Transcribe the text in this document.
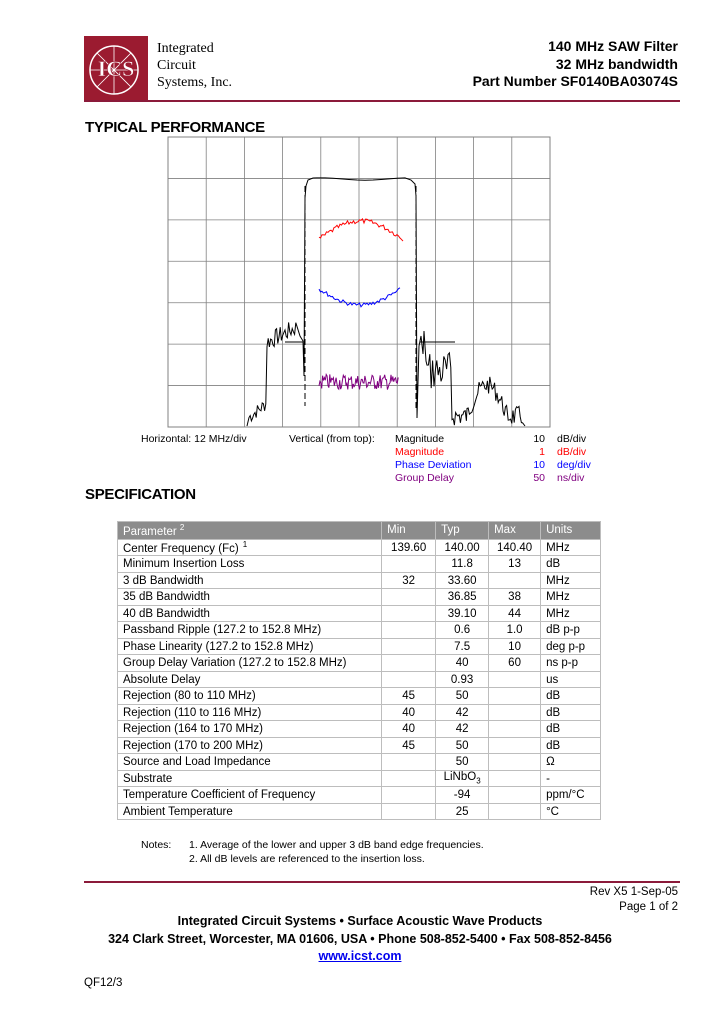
ICS
Integrated
Circuit
Systems, Inc.
140 MHz SAW Filter
32 MHz bandwidth
Part Number SF0140BA03074S
TYPICAL PERFORMANCE
Horizontal: 12 MHz/div	Vertical (from top): Magnitude	10 dB/div
Magnitude	1 dB/div
Phase Deviation	10 deg/div
Group Delay	50 ns/div
SPECIFICATION
Parameter $^2$	Min	Typ	Max	Units
Center Frequency (Fc) $^1$	139.60	140.00	140.40	MHz
Minimum Insertion Loss		11.8	13	dB
3 dB Bandwidth	32	33.60		MHz
35 dB Bandwidth		36.85	38	MHz
40 dB Bandwidth		39.10	44	MHz
Passband Ripple (127.2 to 152.8 MHz)		0.6	1.0	dB p-p
Phase Linearity (127.2 to 152.8 MHz)		7.5	10	deg p-p
Group Delay Variation (127.2 to 152.8 MHz)		40	60	ns p-p
Absolute Delay		0.93		us
Rejection (80 to 110 MHz)	45	50		dB
Rejection (110 to 116 MHz)	40	42		dB
Rejection (164 to 170 MHz)	40	42		dB
Rejection (170 to 200 MHz)	45	50		dB
Source and Load Impedance		50		Ω
Substrate		LiNbO$_3$		-
Temperature Coefficient of Frequency		-94		ppm/°C
Ambient Temperature		25		°C
Notes: 1. Average of the lower and upper 3 dB band edge frequencies.
2. All dB levels are referenced to the insertion loss.
Rev X5 1-Sep-05
Page 1 of 2
Integrated Circuit Systems • Surface Acoustic Wave Products
324 Clark Street, Worcester, MA 01606, USA • Phone 508-852-5400 • Fax 508-852-8456
www.icst.com
QF12/3
